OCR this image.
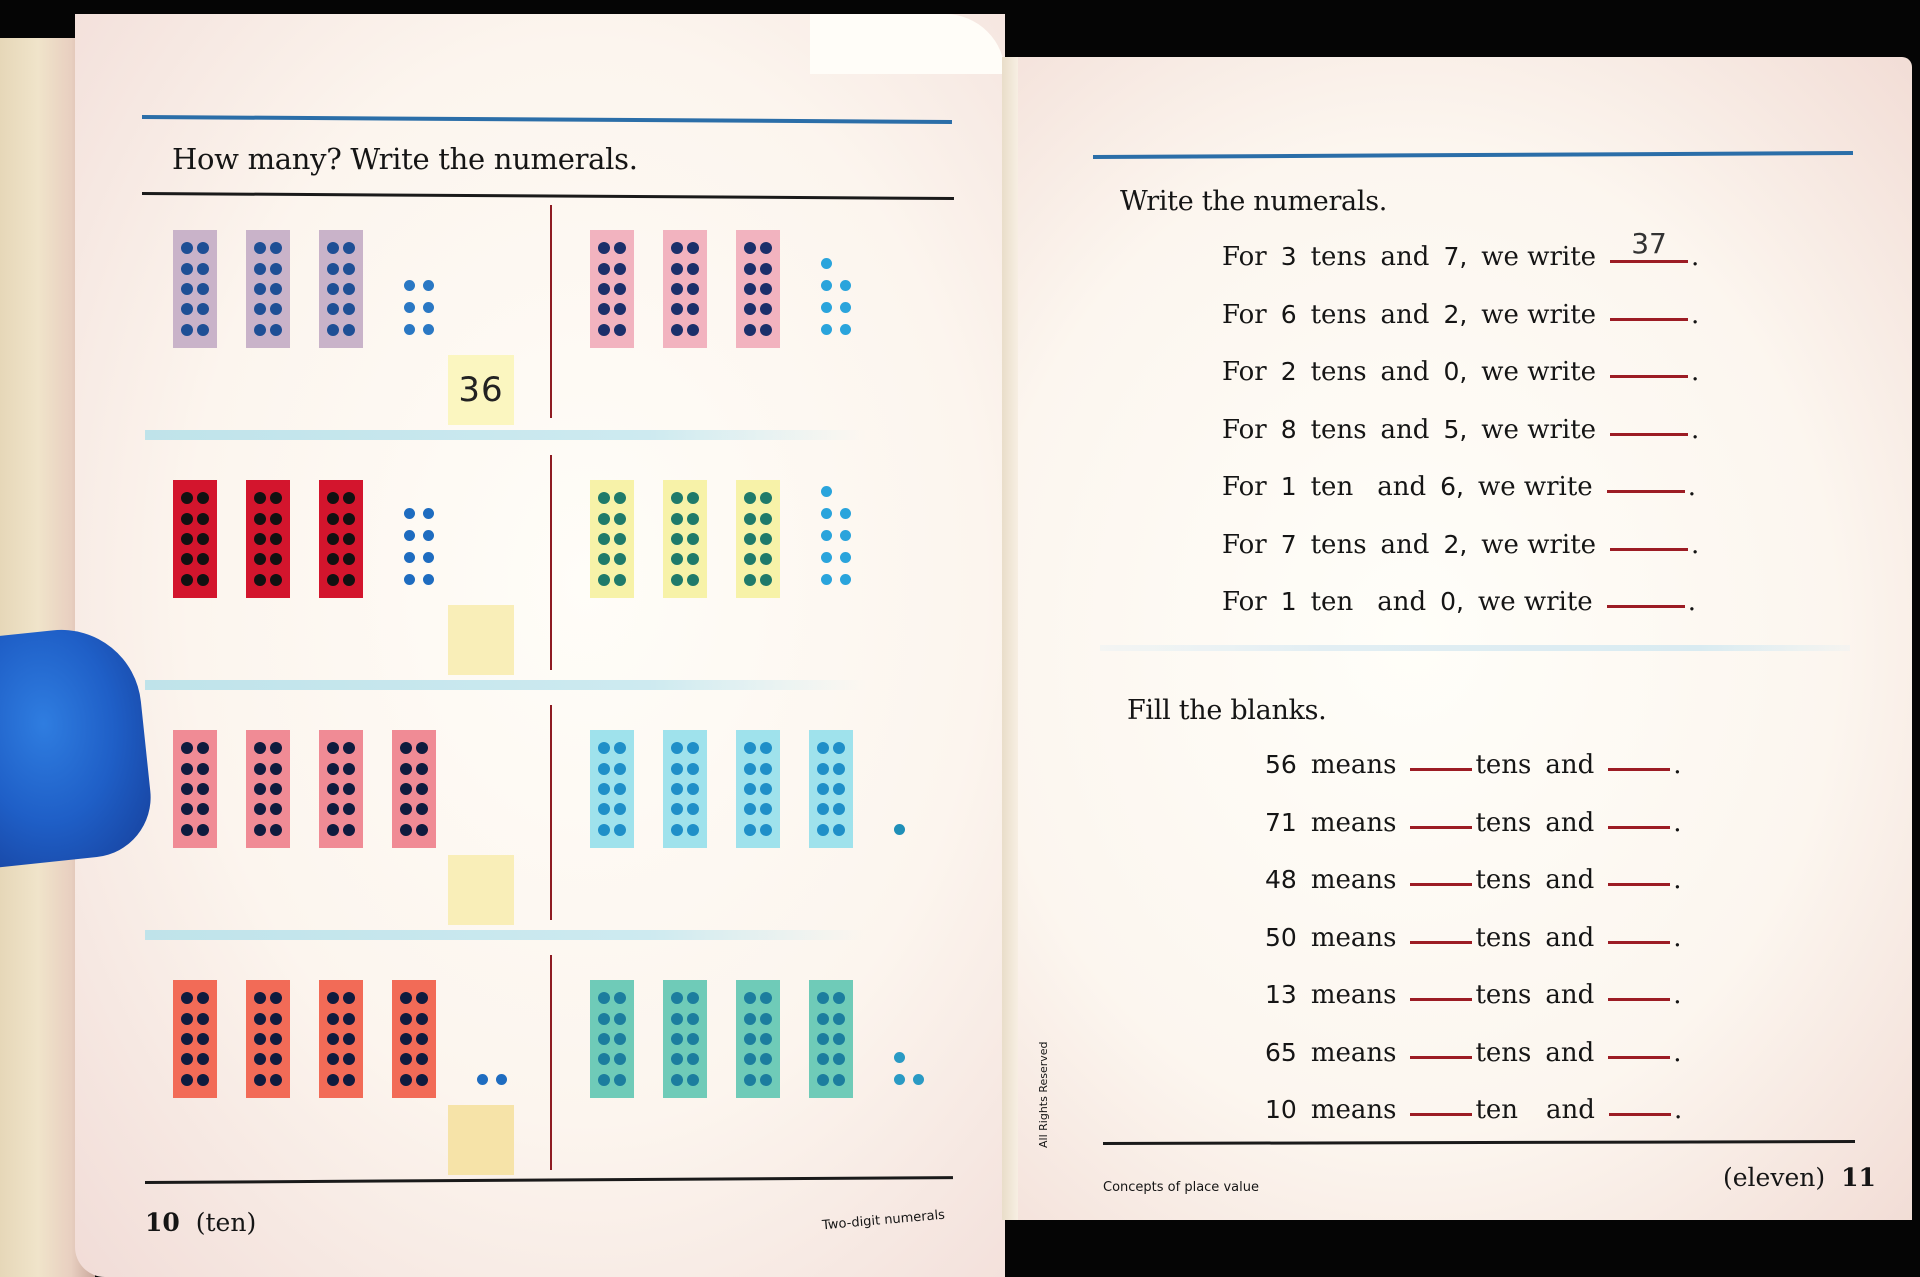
How many? Write the numerals.
36
10 (ten)	Two-digit numerals
Write the numerals.
For 3 tens and 7, we write	37 .
For 6 tens and 2, we write	.
For 2 tens and 0, we write	.
For 8 tens and 5, we write	.
For 1 ten and 6, we write	.
For 7 tens and 2, we write	.
For 1 ten and 0, we write	.
Fill the blanks.
56 means	tens and	.
71 means	tens and	.
48 means	tens and	.
50 means	tens and	.
13 means	tens and	.
65 means	tens and	.
10 means	ten and	.
Concepts of place value	(eleven) 11
All Rights Reserved
